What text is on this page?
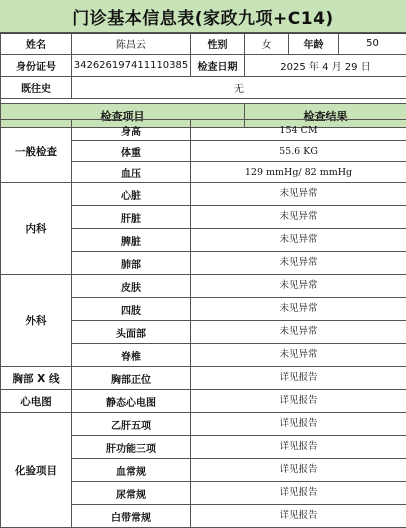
门诊基本信息表(家政九项+C14)
姓名	陈昌云	性别	女	年龄	50
身份证号	342626197411110385	检查日期	2025 年 4 月 29 日		
既往史	无				

检查项目			检查结果		
一般检查	身高	154 CM
	体重	55.6 KG
	血压	129 mmHg/ 82 mmHg
内科	心脏	未见异常
	肝脏	未见异常
	脾脏	未见异常
	肺部	未见异常
外科	皮肤	未见异常
	四肢	未见异常
	头面部	未见异常
	脊椎	未见异常
胸部 X 线	胸部正位	详见报告
心电图	静态心电图	详见报告
化验项目	乙肝五项	详见报告
	肝功能三项	详见报告
	血常规	详见报告
	尿常规	详见报告
	白带常规	详见报告
